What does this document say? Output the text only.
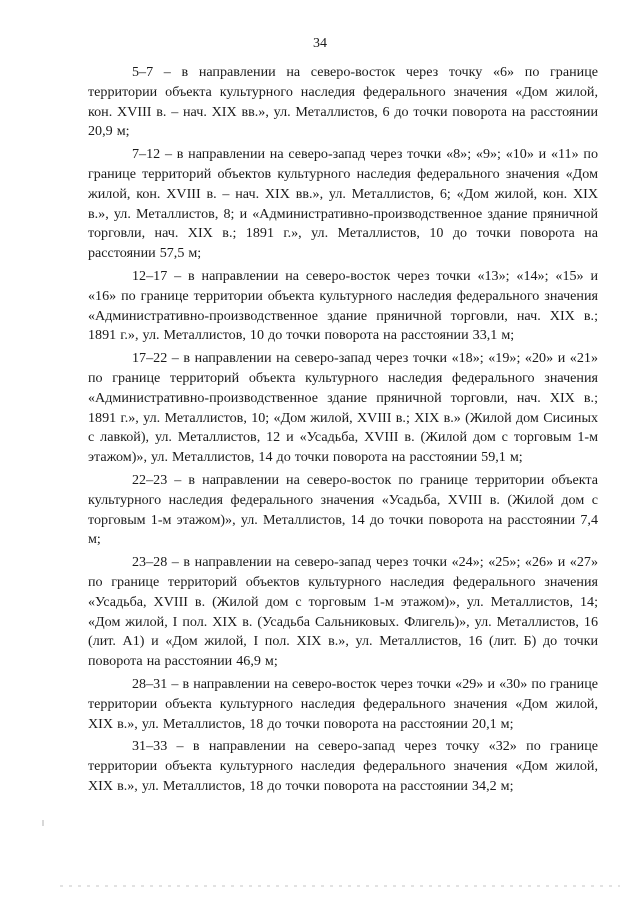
34

5–7 – в направлении на северо-восток через точку «6» по границе территории объекта культурного наследия федерального значения «Дом жилой, кон. XVIII в. – нач. XIX вв.», ул. Металлистов, 6 до точки поворота на расстоянии 20,9 м;

7–12 – в направлении на северо-запад через точки «8»; «9»; «10» и «11» по границе территорий объектов культурного наследия федерального значения «Дом жилой, кон. XVIII в. – нач. XIX вв.», ул. Металлистов, 6; «Дом жилой, кон. XIX в.», ул. Металлистов, 8; и «Административно-производственное здание пряничной торговли, нач. XIX в.; 1891 г.», ул. Металлистов, 10 до точки поворота на расстоянии 57,5 м;

12–17 – в направлении на северо-восток через точки «13»; «14»; «15» и «16» по границе территории объекта культурного наследия федерального значения «Административно-производственное здание пряничной торговли, нач. XIX в.; 1891 г.», ул. Металлистов, 10 до точки поворота на расстоянии 33,1 м;

17–22 – в направлении на северо-запад через точки «18»; «19»; «20» и «21» по границе территорий объекта культурного наследия федерального значения «Административно-производственное здание пряничной торговли, нач. XIX в.; 1891 г.», ул. Металлистов, 10; «Дом жилой, XVIII в.; XIX в.» (Жилой дом Сисиных с лавкой), ул. Металлистов, 12 и «Усадьба, XVIII в. (Жилой дом с торговым 1-м этажом)», ул. Металлистов, 14 до точки поворота на расстоянии 59,1 м;

22–23 – в направлении на северо-восток по границе территории объекта культурного наследия федерального значения «Усадьба, XVIII в. (Жилой дом с торговым 1-м этажом)», ул. Металлистов, 14 до точки поворота на расстоянии 7,4 м;

23–28 – в направлении на северо-запад через точки «24»; «25»; «26» и «27» по границе территорий объектов культурного наследия федерального значения «Усадьба, XVIII в. (Жилой дом с торговым 1-м этажом)», ул. Металлистов, 14; «Дом жилой, I пол. XIX в. (Усадьба Сальниковых. Флигель)», ул. Металлистов, 16 (лит. А1) и «Дом жилой, I пол. XIX в.», ул. Металлистов, 16 (лит. Б) до точки поворота на расстоянии 46,9 м;

28–31 – в направлении на северо-восток через точки «29» и «30» по границе территории объекта культурного наследия федерального значения «Дом жилой, XIX в.», ул. Металлистов, 18 до точки поворота на расстоянии 20,1 м;

31–33 – в направлении на северо-запад через точку «32» по границе территории объекта культурного наследия федерального значения «Дом жилой, XIX в.», ул. Металлистов, 18 до точки поворота на расстоянии 34,2 м;
